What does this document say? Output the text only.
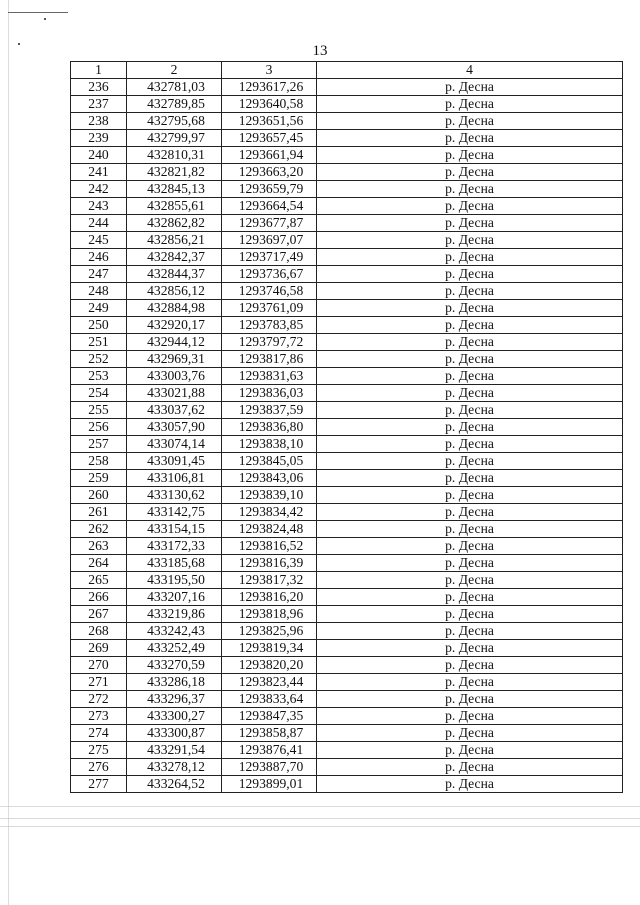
13
1	2	3	4
236	432781,03	1293617,26	р. Десна
237	432789,85	1293640,58	р. Десна
238	432795,68	1293651,56	р. Десна
239	432799,97	1293657,45	р. Десна
240	432810,31	1293661,94	р. Десна
241	432821,82	1293663,20	р. Десна
242	432845,13	1293659,79	р. Десна
243	432855,61	1293664,54	р. Десна
244	432862,82	1293677,87	р. Десна
245	432856,21	1293697,07	р. Десна
246	432842,37	1293717,49	р. Десна
247	432844,37	1293736,67	р. Десна
248	432856,12	1293746,58	р. Десна
249	432884,98	1293761,09	р. Десна
250	432920,17	1293783,85	р. Десна
251	432944,12	1293797,72	р. Десна
252	432969,31	1293817,86	р. Десна
253	433003,76	1293831,63	р. Десна
254	433021,88	1293836,03	р. Десна
255	433037,62	1293837,59	р. Десна
256	433057,90	1293836,80	р. Десна
257	433074,14	1293838,10	р. Десна
258	433091,45	1293845,05	р. Десна
259	433106,81	1293843,06	р. Десна
260	433130,62	1293839,10	р. Десна
261	433142,75	1293834,42	р. Десна
262	433154,15	1293824,48	р. Десна
263	433172,33	1293816,52	р. Десна
264	433185,68	1293816,39	р. Десна
265	433195,50	1293817,32	р. Десна
266	433207,16	1293816,20	р. Десна
267	433219,86	1293818,96	р. Десна
268	433242,43	1293825,96	р. Десна
269	433252,49	1293819,34	р. Десна
270	433270,59	1293820,20	р. Десна
271	433286,18	1293823,44	р. Десна
272	433296,37	1293833,64	р. Десна
273	433300,27	1293847,35	р. Десна
274	433300,87	1293858,87	р. Десна
275	433291,54	1293876,41	р. Десна
276	433278,12	1293887,70	р. Десна
277	433264,52	1293899,01	р. Десна
